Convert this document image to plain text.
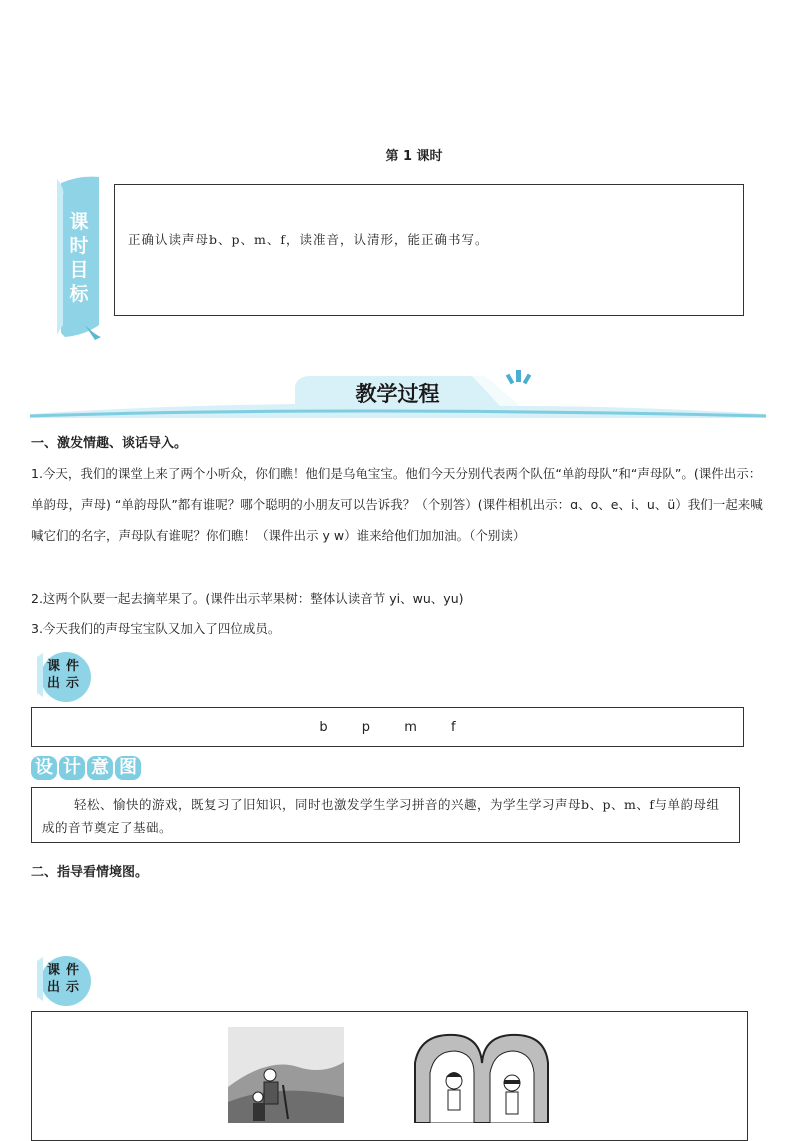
第 1 课时
课
时
目
标
正确认读声母b、p、m、f，读准音，认清形，能正确书写。
教学过程
一、激发情趣、谈话导入。
1.今天，我们的课堂上来了两个小听众，你们瞧！他们是乌龟宝宝。他们今天分别代表两个队伍“单韵母队”和“声母队”。(课件出示：单韵母，声母) “单韵母队”都有谁呢？哪个聪明的小朋友可以告诉我？（个别答）(课件相机出示：ɑ、o、e、i、u、ü）我们一起来喊喊它们的名字，声母队有谁呢？你们瞧！（课件出示 y w）谁来给他们加加油。（个别读）
2.这两个队要一起去摘苹果了。(课件出示苹果树：整体认读音节 yi、wu、yu)
3.今天我们的声母宝宝队又加入了四位成员。
课件
出示
b p m f
设 计 意 图
轻松、愉快的游戏，既复习了旧知识，同时也激发学生学习拼音的兴趣，为学生学习声母b、p、m、f与单韵母组成的音节奠定了基础。
二、指导看情境图。
课件
出示
